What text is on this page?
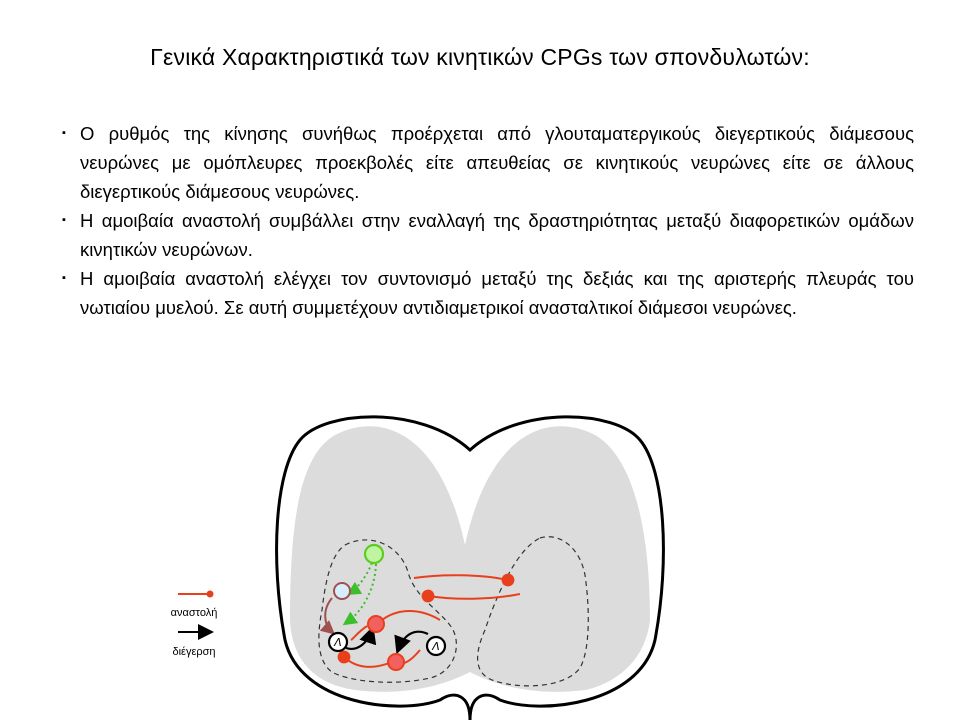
Γενικά Χαρακτηριστικά των κινητικών CPGs των σπονδυλωτών:
▪ Ο ρυθμός της κίνησης συνήθως προέρχεται από γλουταματεργικούς διεγερτικούς διάμεσους νευρώνες με ομόπλευρες προεκβολές είτε απευθείας σε κινητικούς νευρώνες είτε σε άλλους διεγερτικούς διάμεσους νευρώνες.
▪ Η αμοιβαία αναστολή συμβάλλει στην εναλλαγή της δραστηριότητας μεταξύ διαφορετικών ομάδων κινητικών νευρώνων.
▪ Η αμοιβαία αναστολή ελέγχει τον συντονισμό μεταξύ της δεξιάς και της αριστερής πλευράς του νωτιαίου μυελού. Σε αυτή συμμετέχουν αντιδιαμετρικοί ανασταλτικοί διάμεσοι νευρώνες.
Λ	Λ
αναστολή
διέγερση
